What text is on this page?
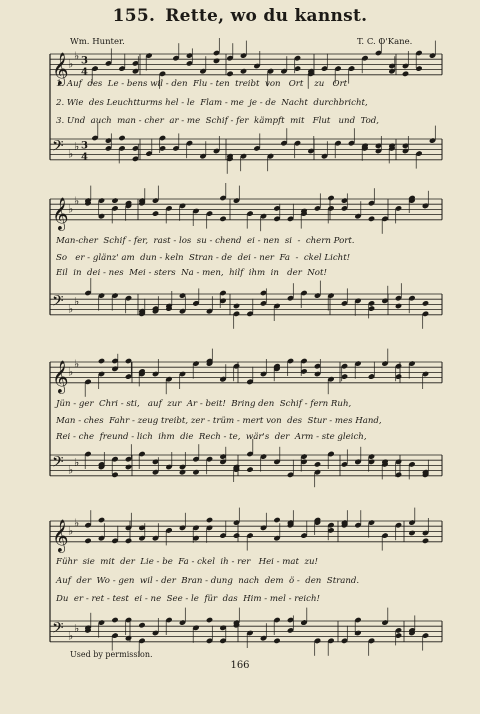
155. Rette, wo du kannst.
Wm. Hunter.	T. C. O'Kane.
𝄞 ♭
♭ 3
4
𝄢 ♭
♭ 3
4
𝄞 ♭
♭
𝄢 ♭
♭
𝄞 ♭
♭
𝄢 ♭
♭
𝄞 ♭
♭
𝄢 ♭
♭
1. Auf  des  Le - bens wil - den  Flu - ten  treibt  von   Ort    zu   Ort
2. Wie  des Leuchtturms hel - le  Flam - me  je - de  Nacht  durchbricht,
3. Und  auch  man - cher  ar - me  Schif - fer  kämpft  mit   Flut   und  Tod,
Man-cher  Schif - fer,  rast - los  su - chend  ei - nen  si  -  chern Port.
So   er - glänz' am  dun - keln  Stran - de  dei - ner  Fa  -  ckel Licht!
Eil  in  dei - nes  Mei - sters  Na - men,  hilf  ihm  in   der  Not!
Jün - ger  Chri - sti,   auf  zur  Ar - beit!  Bring den  Schif - fern Ruh,
Man - ches  Fahr - zeug treibt, zer - trüm - mert von  des  Stur - mes Hand,
Rei - che  freund - lich  ihm  die  Rech - te,  wär's  der  Arm - ste gleich,
Führ  sie  mit  der  Lie - be  Fa - ckel  ih - rer   Hei - mat  zu!
Auf  der  Wo - gen  wil - der  Bran - dung  nach  dem  ö -  den  Strand.
Du  er - ret - test  ei - ne  See - le  für  das  Him - mel - reich!
Used by permission.
166
